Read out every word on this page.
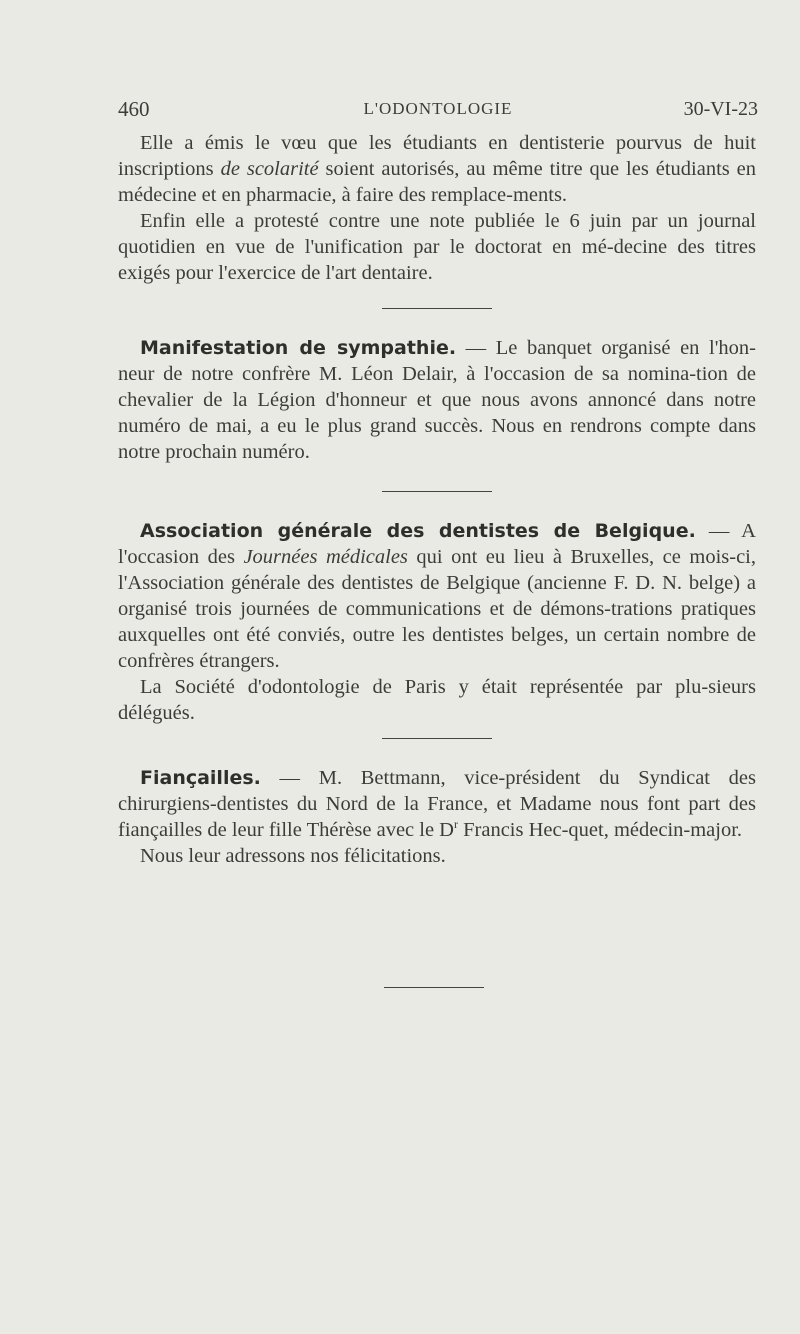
460	L'ODONTOLOGIE	30-VI-23

Elle a émis le vœu que les étudiants en dentisterie pourvus de huit inscriptions de scolarité soient autorisés, au même titre que les étudiants en médecine et en pharmacie, à faire des remplace-ments.

Enfin elle a protesté contre une note publiée le 6 juin par un journal quotidien en vue de l'unification par le doctorat en mé-decine des titres exigés pour l'exercice de l'art dentaire.

Manifestation de sympathie. — Le banquet organisé en l'hon-neur de notre confrère M. Léon Delair, à l'occasion de sa nomina-tion de chevalier de la Légion d'honneur et que nous avons annoncé dans notre numéro de mai, a eu le plus grand succès. Nous en rendrons compte dans notre prochain numéro.

Association générale des dentistes de Belgique. — A l'occasion des Journées médicales qui ont eu lieu à Bruxelles, ce mois-ci, l'Association générale des dentistes de Belgique (ancienne F. D. N. belge) a organisé trois journées de communications et de démons-trations pratiques auxquelles ont été conviés, outre les dentistes belges, un certain nombre de confrères étrangers.

La Société d'odontologie de Paris y était représentée par plu-sieurs délégués.

Fiançailles. — M. Bettmann, vice-président du Syndicat des chirurgiens-dentistes du Nord de la France, et Madame nous font part des fiançailles de leur fille Thérèse avec le $D^r$ Francis Hec-quet, médecin-major.

Nous leur adressons nos félicitations.
